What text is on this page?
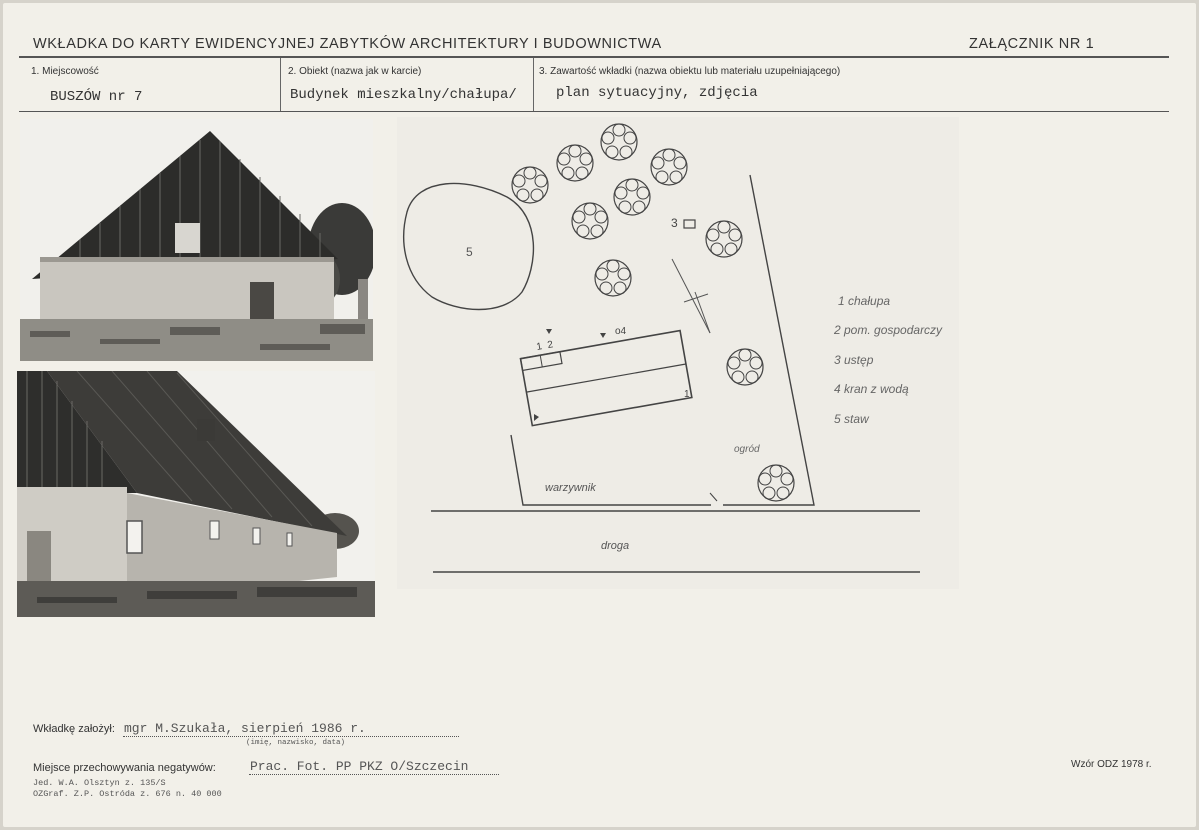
WKŁADKA DO KARTY EWIDENCYJNEJ ZABYTKÓW ARCHITEKTURY I BUDOWNICTWA	ZAŁĄCZNIK NR 1
1. Miejscowość
BUSZÓW nr 7
2. Obiekt (nazwa jak w karcie)
Budynek mieszkalny/chałupa/
3. Zawartość wkładki (nazwa obiektu lub materiału uzupełniającego)
plan sytuacyjny, zdjęcia
5
3
1  2
1
o4
ogród
warzywnik
droga
1 chałupa
2 pom. gospodarczy
3 ustęp
4 kran z wodą
5 staw
Wkładkę założył: mgr M.Szukała, sierpień 1986 r.
(imię, nazwisko, data)
Miejsce przechowywania negatywów:	Prac. Fot. PP PKZ O/Szczecin
Jed. W.A. Olsztyn z. 135/S
OZGraf. Z.P. Ostróda z. 676 n. 40 000
Wzór ODZ 1978 r.
